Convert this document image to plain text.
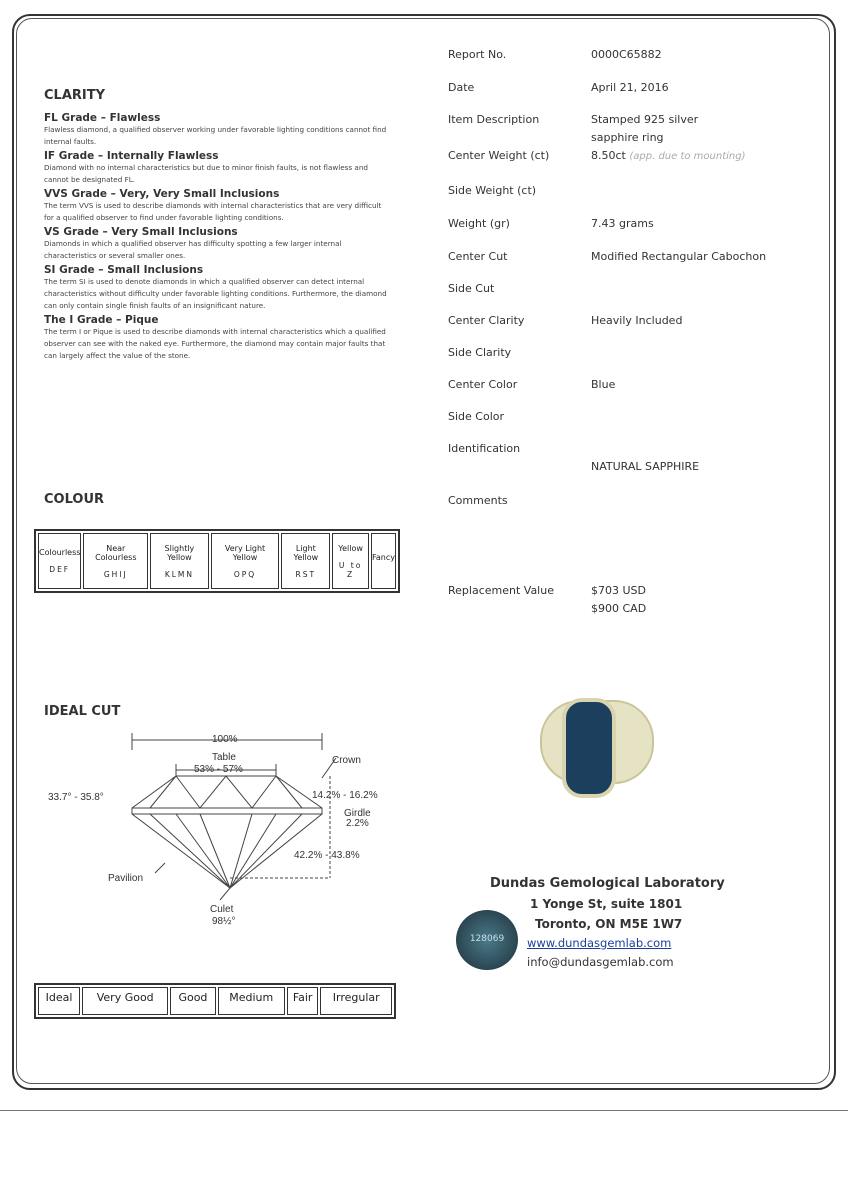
CLARITY
FL Grade – Flawless
Flawless diamond, a qualified observer working under favorable lighting conditions cannot find internal faults.
IF Grade – Internally Flawless
Diamond with no internal characteristics but due to minor finish faults, is not flawless and cannot be designated FL.
VVS Grade – Very, Very Small Inclusions
The term VVS is used to describe diamonds with internal characteristics that are very difficult for a qualified observer to find under favorable lighting conditions.
VS Grade – Very Small Inclusions
Diamonds in which a qualified observer has difficulty spotting a few larger internal characteristics or several smaller ones.
SI Grade – Small Inclusions
The term SI is used to denote diamonds in which a qualified observer can detect internal characteristics without difficulty under favorable lighting conditions. Furthermore, the diamond can only contain single finish faults of an insignificant nature.
The I Grade – Pique
The term I or Pique is used to describe diamonds with internal characteristics which a qualified observer can see with the naked eye. Furthermore, the diamond may contain major faults that can largely affect the value of the stone.
COLOUR
Colourless
DEF
	Near Colourless
GHIJ
	Slightly Yellow
KLMN
	Very Light Yellow
OPQ
	Light Yellow
RST
	Yellow
U to Z
	Fancy
IDEAL CUT
100%
Table
53% - 57%
Crown
33.7° - 35.8°	14.2% - 16.2%
Girdle
2.2%
42.2% - 43.8%
Pavilion
Culet
98½°
Ideal	Very Good	Good	Medium	Fair	Irregular
Report No.	0000C65882
Date	April 21, 2016
Item Description	Stamped 925 silver
sapphire ring
Center Weight (ct)	8.50ct (app. due to mounting)
Side Weight (ct)
Weight (gr)	7.43 grams
Center Cut	Modified Rectangular Cabochon
Side Cut
Center Clarity	Heavily Included
Side Clarity
Center Color	Blue
Side Color
Identification
NATURAL SAPPHIRE
Comments
Replacement Value	$703 USD
$900 CAD
128069
Dundas Gemological Laboratory
1 Yonge St, suite 1801
Toronto, ON M5E 1W7
www.dundasgemlab.com
info@dundasgemlab.com
